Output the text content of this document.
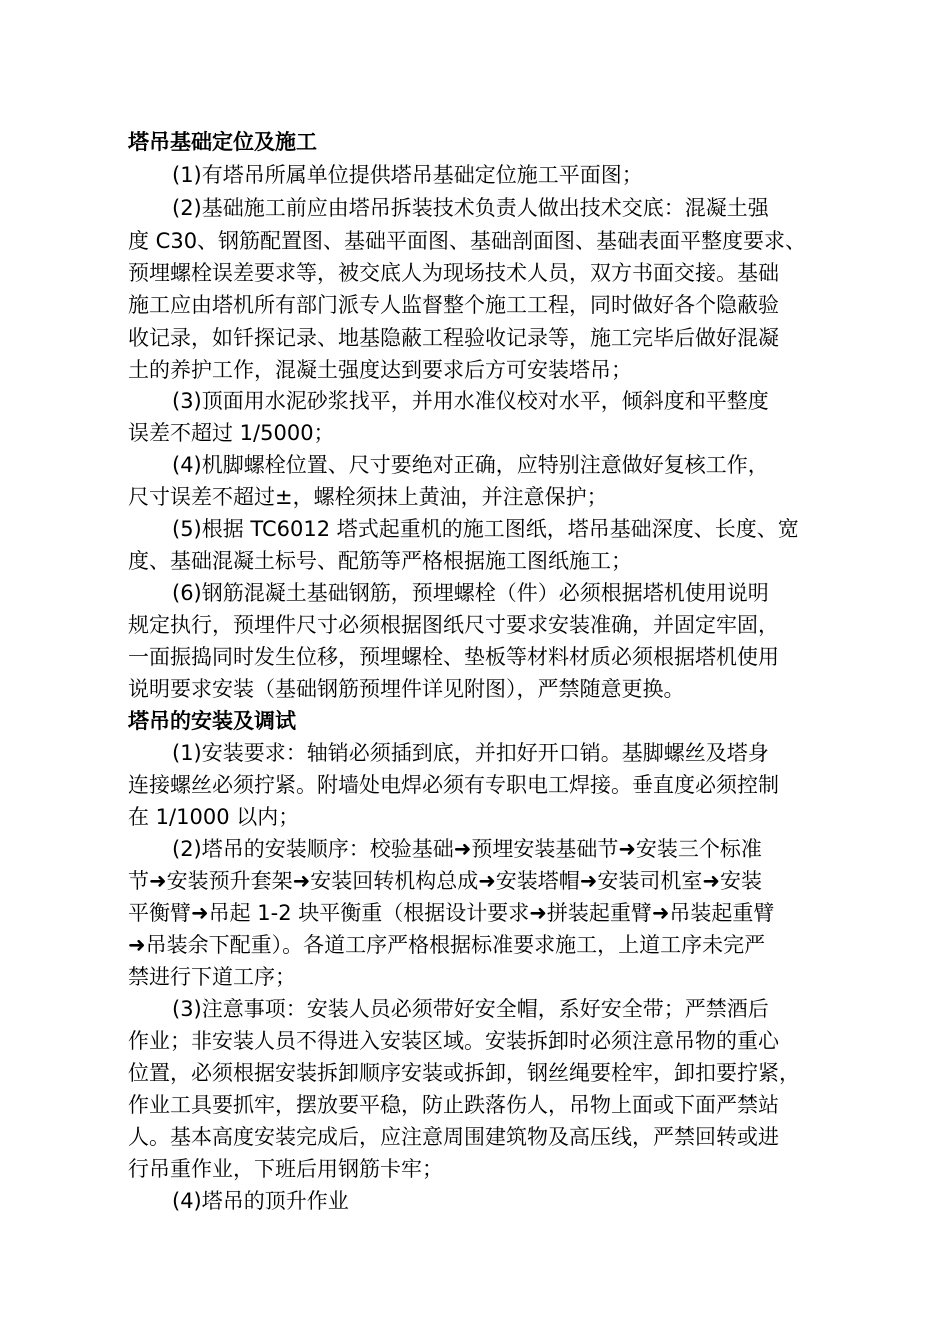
塔吊基础定位及施工
(1)有塔吊所属单位提供塔吊基础定位施工平面图；
(2)基础施工前应由塔吊拆装技术负责人做出技术交底：混凝土强
度 C30、钢筋配置图、基础平面图、基础剖面图、基础表面平整度要求、
预埋螺栓误差要求等，被交底人为现场技术人员，双方书面交接。基础
施工应由塔机所有部门派专人监督整个施工工程，同时做好各个隐蔽验
收记录，如钎探记录、地基隐蔽工程验收记录等，施工完毕后做好混凝
土的养护工作，混凝土强度达到要求后方可安装塔吊；
(3)顶面用水泥砂浆找平，并用水准仪校对水平，倾斜度和平整度
误差不超过 1/5000；
(4)机脚螺栓位置、尺寸要绝对正确，应特别注意做好复核工作，
尺寸误差不超过±，螺栓须抹上黄油，并注意保护；
(5)根据 TC6012 塔式起重机的施工图纸，塔吊基础深度、长度、宽
度、基础混凝土标号、配筋等严格根据施工图纸施工；
(6)钢筋混凝土基础钢筋，预埋螺栓（件）必须根据塔机使用说明
规定执行，预埋件尺寸必须根据图纸尺寸要求安装准确，并固定牢固，
一面振捣同时发生位移，预埋螺栓、垫板等材料材质必须根据塔机使用
说明要求安装（基础钢筋预埋件详见附图），严禁随意更换。
塔吊的安装及调试
(1)安装要求：轴销必须插到底，并扣好开口销。基脚螺丝及塔身
连接螺丝必须拧紧。附墙处电焊必须有专职电工焊接。垂直度必须控制
在 1/1000 以内；
(2)塔吊的安装顺序：校验基础➜预埋安装基础节➜安装三个标准
节➜安装预升套架➜安装回转机构总成➜安装塔帽➜安装司机室➜安装
平衡臂➜吊起 1-2 块平衡重（根据设计要求➜拼装起重臂➜吊装起重臂
➜吊装余下配重）。各道工序严格根据标准要求施工，上道工序未完严
禁进行下道工序；
(3)注意事项：安装人员必须带好安全帽，系好安全带；严禁酒后
作业；非安装人员不得进入安装区域。安装拆卸时必须注意吊物的重心
位置，必须根据安装拆卸顺序安装或拆卸，钢丝绳要栓牢，卸扣要拧紧，
作业工具要抓牢，摆放要平稳，防止跌落伤人，吊物上面或下面严禁站
人。基本高度安装完成后，应注意周围建筑物及高压线，严禁回转或进
行吊重作业，下班后用钢筋卡牢；
(4)塔吊的顶升作业
